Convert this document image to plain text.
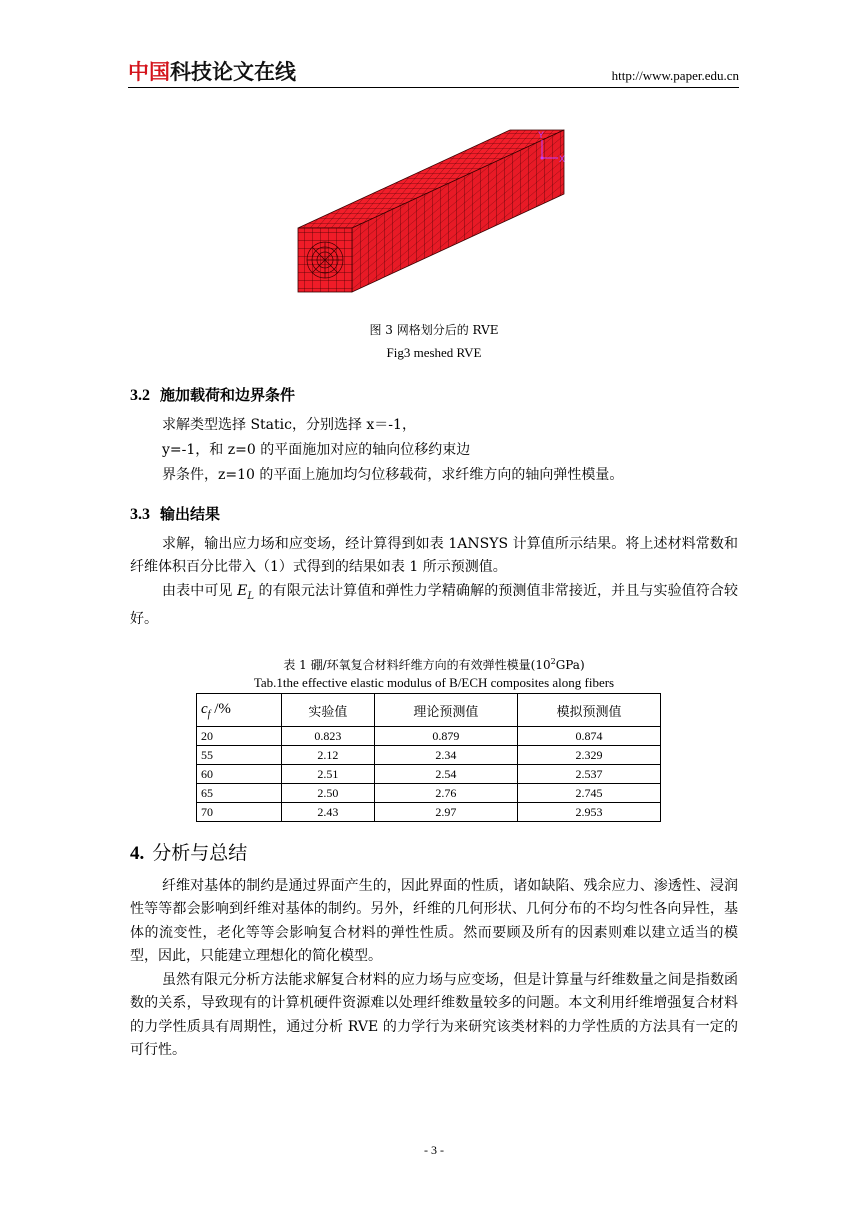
中国 科技论文在线	http://www.paper.edu.cn
Y
X
图 3 网格划分后的 RVE
Fig3 meshed RVE
3.2 施加载荷和边界条件
求解类型选择 Static，分别选择 x＝-1，
y=-1，和 z=0 的平面施加对应的轴向位移约束边
界条件，z=10 的平面上施加均匀位移载荷，求纤维方向的轴向弹性模量。
3.3 输出结果
求解，输出应力场和应变场，经计算得到如表 1ANSYS 计算值所示结果。将上述材料常数和纤维体积百分比带入（1）式得到的结果如表 1 所示预测值。
由表中可见 $E_L$ 的有限元法计算值和弹性力学精确解的预测值非常接近，并且与实验值符合较好。
表 1 硼/环氧复合材料纤维方向的有效弹性模量$(10^2GPa)$
Tab.1the effective elastic modulus of B/ECH composites along fibers
$c_f$ /%	实验值	理论预测值	模拟预测值
20	0.823	0.879	0.874
55	2.12	2.34	2.329
60	2.51	2.54	2.537
65	2.50	2.76	2.745
70	2.43	2.97	2.953
4. 分析与总结
纤维对基体的制约是通过界面产生的，因此界面的性质，诸如缺陷、残余应力、渗透性、浸润性等等都会影响到纤维对基体的制约。另外，纤维的几何形状、几何分布的不均匀性各向异性，基体的流变性，老化等等会影响复合材料的弹性性质。然而要顾及所有的因素则难以建立适当的模型，因此，只能建立理想化的简化模型。
虽然有限元分析方法能求解复合材料的应力场与应变场，但是计算量与纤维数量之间是指数函数的关系，导致现有的计算机硬件资源难以处理纤维数量较多的问题。本文利用纤维增强复合材料的力学性质具有周期性，通过分析 RVE 的力学行为来研究该类材料的力学性质的方法具有一定的可行性。
- 3 -
